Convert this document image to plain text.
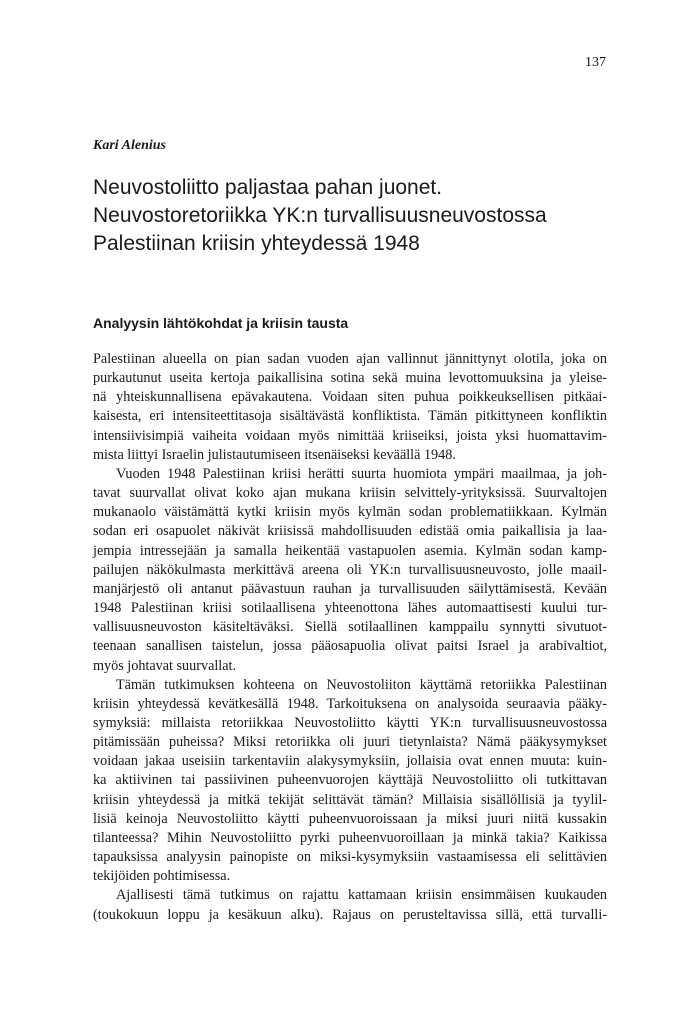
137
Kari Alenius
Neuvostoliitto paljastaa pahan juonet.
Neuvostoretoriikka YK:n turvallisuusneuvostossa
Palestiinan kriisin yhteydessä 1948
Analyysin lähtökohdat ja kriisin tausta
Palestiinan alueella on pian sadan vuoden ajan vallinnut jännittynyt olotila, joka on
purkautunut useita kertoja paikallisina sotina sekä muina levottomuuksina ja yleise-
nä yhteiskunnallisena epävakautena. Voidaan siten puhua poikkeuksellisen pitkäai-
kaisesta, eri intensiteettitasoja sisältävästä konfliktista. Tämän pitkittyneen konfliktin
intensiivisimpiä vaiheita voidaan myös nimittää kriiseiksi, joista yksi huomattavim-
mista liittyi Israelin julistautumiseen itsenäiseksi keväällä 1948.
Vuoden 1948 Palestiinan kriisi herätti suurta huomiota ympäri maailmaa, ja joh-
tavat suurvallat olivat koko ajan mukana kriisin selvittely-yrityksissä. Suurvaltojen
mukanaolo väistämättä kytki kriisin myös kylmän sodan problematiikkaan. Kylmän
sodan eri osapuolet näkivät kriisissä mahdollisuuden edistää omia paikallisia ja laa-
jempia intressejään ja samalla heikentää vastapuolen asemia. Kylmän sodan kamp-
pailujen näkökulmasta merkittävä areena oli YK:n turvallisuusneuvosto, jolle maail-
manjärjestö oli antanut päävastuun rauhan ja turvallisuuden säilyttämisestä. Kevään
1948 Palestiinan kriisi sotilaallisena yhteenottona lähes automaattisesti kuului tur-
vallisuusneuvoston käsiteltäväksi. Siellä sotilaallinen kamppailu synnytti sivutuot-
teenaan sanallisen taistelun, jossa pääosapuolia olivat paitsi Israel ja arabivaltiot,
myös johtavat suurvallat.
Tämän tutkimuksen kohteena on Neuvostoliiton käyttämä retoriikka Palestiinan
kriisin yhteydessä kevätkesällä 1948. Tarkoituksena on analysoida seuraavia pääky-
symyksiä: millaista retoriikkaa Neuvostoliitto käytti YK:n turvallisuusneuvostossa
pitämissään puheissa? Miksi retoriikka oli juuri tietynlaista? Nämä pääkysymykset
voidaan jakaa useisiin tarkentaviin alakysymyksiin, jollaisia ovat ennen muuta: kuin-
ka aktiivinen tai passiivinen puheenvuorojen käyttäjä Neuvostoliitto oli tutkittavan
kriisin yhteydessä ja mitkä tekijät selittävät tämän? Millaisia sisällöllisiä ja tyylil-
lisiä keinoja Neuvostoliitto käytti puheenvuoroissaan ja miksi juuri niitä kussakin
tilanteessa? Mihin Neuvostoliitto pyrki puheenvuoroillaan ja minkä takia? Kaikissa
tapauksissa analyysin painopiste on miksi-kysymyksiin vastaamisessa eli selittävien
tekijöiden pohtimisessa.
Ajallisesti tämä tutkimus on rajattu kattamaan kriisin ensimmäisen kuukauden
(toukokuun loppu ja kesäkuun alku). Rajaus on perusteltavissa sillä, että turvalli-
